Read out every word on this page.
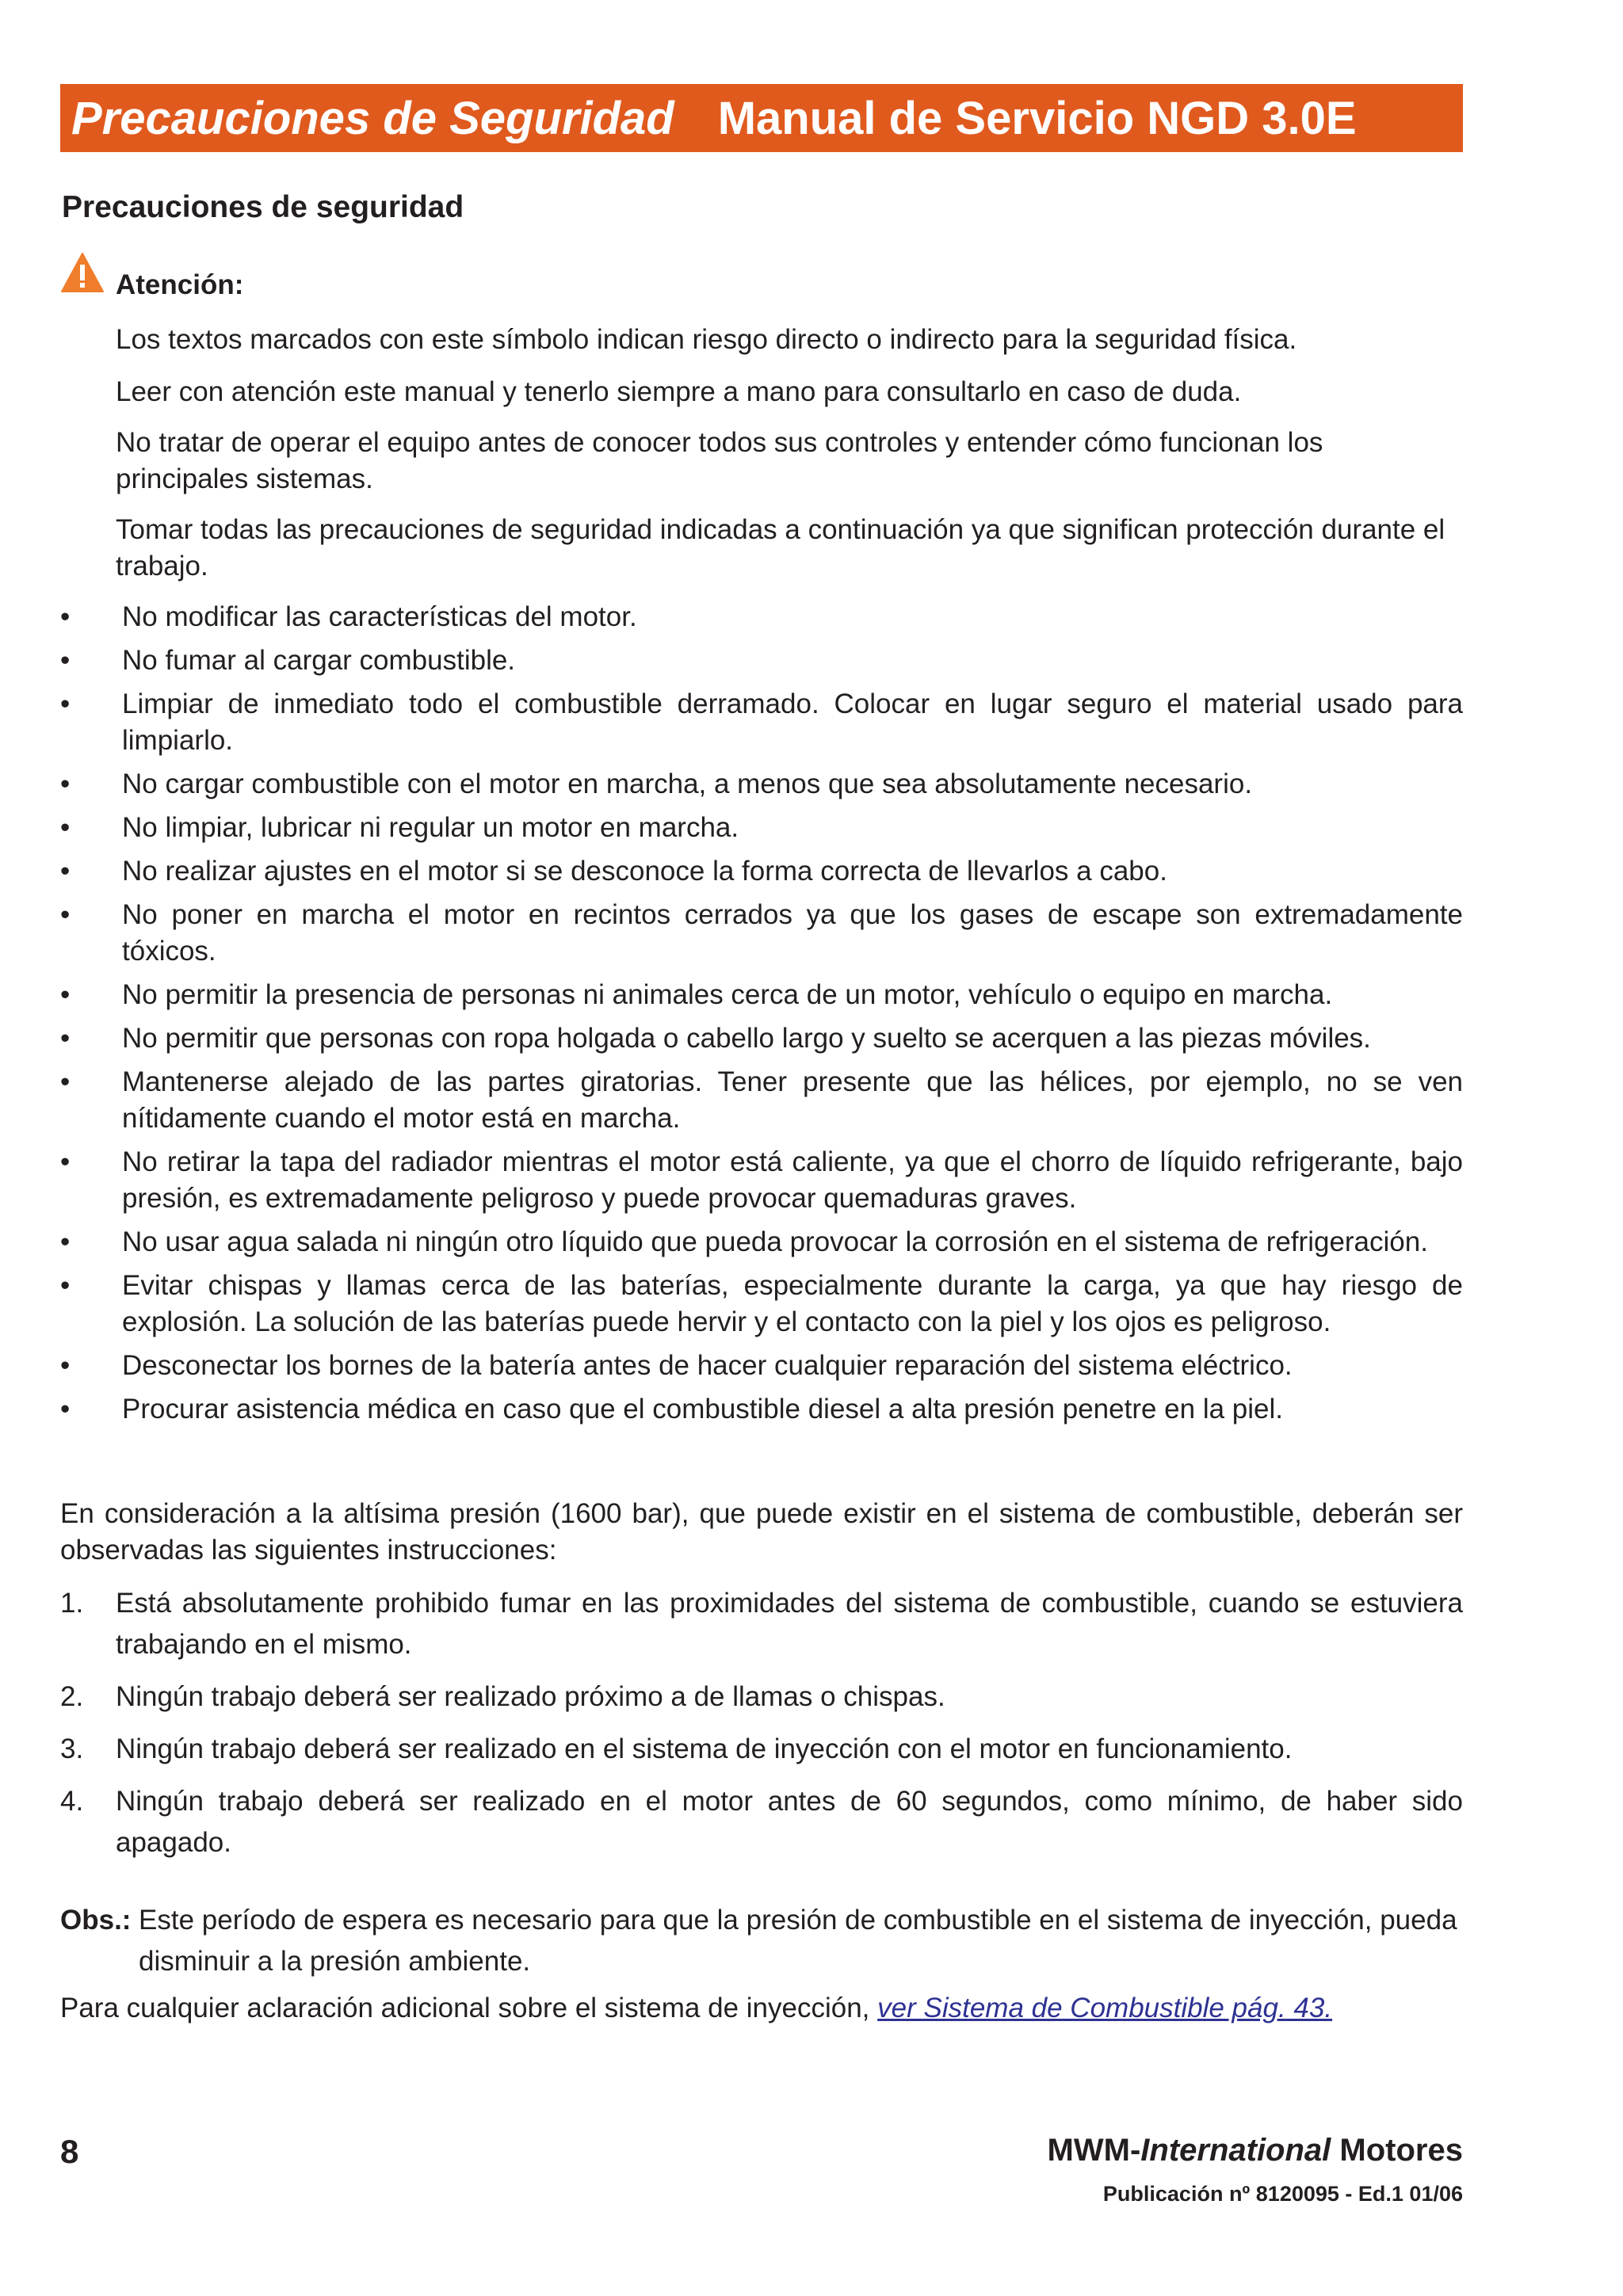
Precauciones de Seguridad Manual de Servicio NGD 3.0E
Precauciones de seguridad
Atención:
Los textos marcados con este símbolo indican riesgo directo o indirecto para la seguridad física.
Leer con atención este manual y tenerlo siempre a mano para consultarlo en caso de duda.
No tratar de operar el equipo antes de conocer todos sus controles y entender cómo funcionan los principales sistemas.
Tomar todas las precauciones de seguridad indicadas a continuación ya que significan protección durante el trabajo.
• No modificar las características del motor.
• No fumar al cargar combustible.
• Limpiar de inmediato todo el combustible derramado. Colocar en lugar seguro el material usado para limpiarlo.
• No cargar combustible con el motor en marcha, a menos que sea absolutamente necesario.
• No limpiar, lubricar ni regular un motor en marcha.
• No realizar ajustes en el motor si se desconoce la forma correcta de llevarlos a cabo.
• No poner en marcha el motor en recintos cerrados ya que los gases de escape son extremadamente tóxicos.
• No permitir la presencia de personas ni animales cerca de un motor, vehículo o equipo en marcha.
• No permitir que personas con ropa holgada o cabello largo y suelto se acerquen a las piezas móviles.
• Mantenerse alejado de las partes giratorias. Tener presente que las hélices, por ejemplo, no se ven nítidamente cuando el motor está en marcha.
• No retirar la tapa del radiador mientras el motor está caliente, ya que el chorro de líquido refrigerante, bajo presión, es extremadamente peligroso y puede provocar quemaduras graves.
• No usar agua salada ni ningún otro líquido que pueda provocar la corrosión en el sistema de refrigeración.
• Evitar chispas y llamas cerca de las baterías, especialmente durante la carga, ya que hay riesgo de explosión. La solución de las baterías puede hervir y el contacto con la piel y los ojos es peligroso.
• Desconectar los bornes de la batería antes de hacer cualquier reparación del sistema eléctrico.
• Procurar asistencia médica en caso que el combustible diesel a alta presión penetre en la piel.
En consideración a la altísima presión (1600 bar), que puede existir en el sistema de combustible, deberán ser observadas las siguientes instrucciones:
1. Está absolutamente prohibido fumar en las proximidades del sistema de combustible, cuando se estuviera trabajando en el mismo.
2. Ningún trabajo deberá ser realizado próximo a de llamas o chispas.
3. Ningún trabajo deberá ser realizado en el sistema de inyección con el motor en funcionamiento.
4. Ningún trabajo deberá ser realizado en el motor antes de 60 segundos, como mínimo, de haber sido apagado.
Obs.: Este período de espera es necesario para que la presión de combustible en el sistema de inyección, pueda disminuir a la presión ambiente.
Para cualquier aclaración adicional sobre el sistema de inyección, ver Sistema de Combustible pág. 43.
8	MWM-International Motores
Publicación nº 8120095 - Ed.1 01/06
